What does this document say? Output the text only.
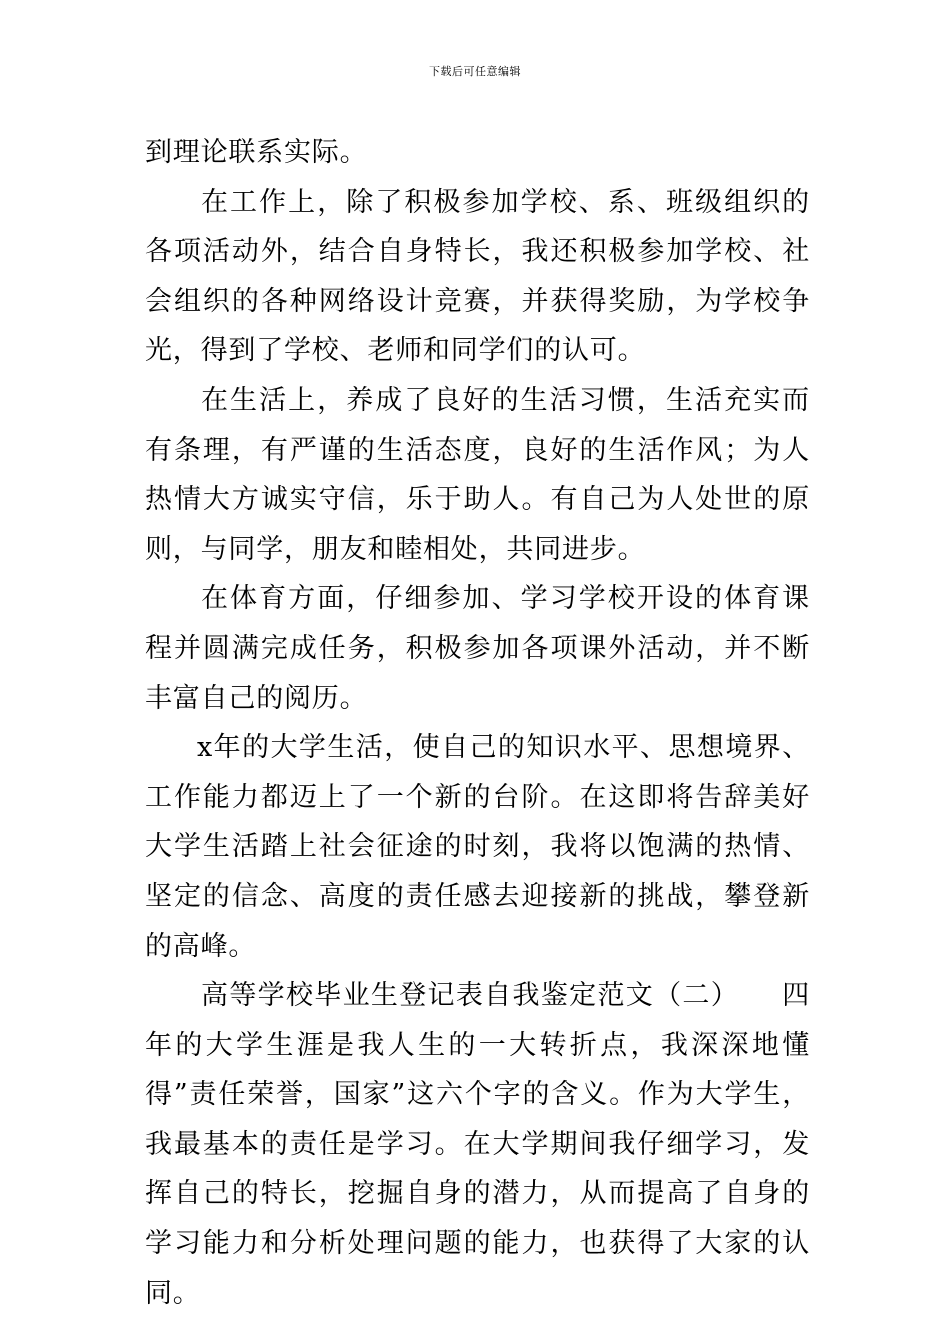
下载后可任意编辑

到理论联系实际。

在工作上，除了积极参加学校、系、班级组织的各项活动外，结合自身特长，我还积极参加学校、社会组织的各种网络设计竞赛，并获得奖励，为学校争光，得到了学校、老师和同学们的认可。

在生活上，养成了良好的生活习惯，生活充实而有条理，有严谨的生活态度，良好的生活作风；为人热情大方诚实守信，乐于助人。有自己为人处世的原则，与同学，朋友和睦相处，共同进步。

在体育方面，仔细参加、学习学校开设的体育课程并圆满完成任务，积极参加各项课外活动，并不断丰富自己的阅历。

x年的大学生活，使自己的知识水平、思想境界、工作能力都迈上了一个新的台阶。在这即将告辞美好大学生活踏上社会征途的时刻，我将以饱满的热情、坚定的信念、高度的责任感去迎接新的挑战，攀登新的高峰。

高等学校毕业生登记表自我鉴定范文（二）　　四年的大学生涯是我人生的一大转折点，我深深地懂得”责任荣誉，国家”这六个字的含义。作为大学生，我最基本的责任是学习。在大学期间我仔细学习，发挥自己的特长，挖掘自身的潜力，从而提高了自身的学习能力和分析处理问题的能力，也获得了大家的认同。
